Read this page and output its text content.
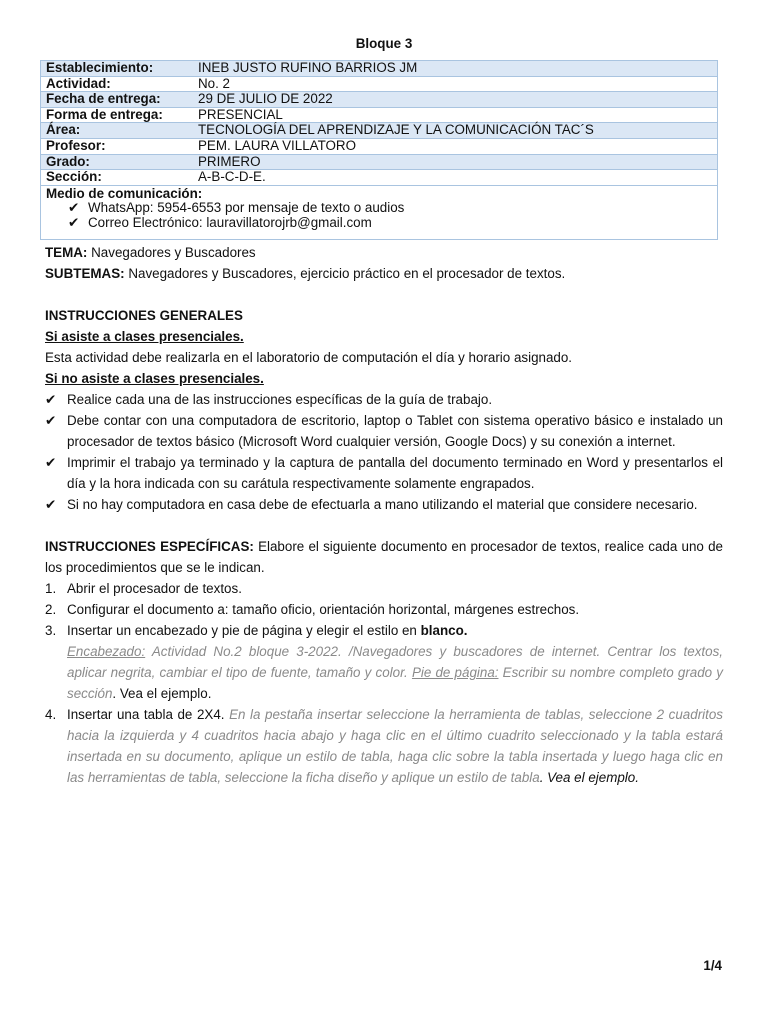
Bloque 3
Establecimiento:	INEB JUSTO RUFINO BARRIOS JM
Actividad:	No. 2
Fecha de entrega:	29 DE JULIO DE 2022
Forma de entrega:	PRESENCIAL
Área:	TECNOLOGÍA DEL APRENDIZAJE Y LA COMUNICACIÓN TAC´S
Profesor:	PEM. LAURA VILLATORO
Grado:	PRIMERO
Sección:	A-B-C-D-E.
Medio de comunicación:
✔ WhatsApp: 5954-6553 por mensaje de texto o audios
✔ Correo Electrónico: lauravillatorojrb@gmail.com

TEMA: Navegadores y Buscadores

SUBTEMAS: Navegadores y Buscadores, ejercicio práctico en el procesador de textos.

INSTRUCCIONES GENERALES

Si asiste a clases presenciales.

Esta actividad debe realizarla en el laboratorio de computación el día y horario asignado.

Si no asiste a clases presenciales.

✔ Realice cada una de las instrucciones específicas de la guía de trabajo.
✔ Debe contar con una computadora de escritorio, laptop o Tablet con sistema operativo básico e instalado un procesador de textos básico (Microsoft Word cualquier versión, Google Docs) y su conexión a internet.
✔ Imprimir el trabajo ya terminado y la captura de pantalla del documento terminado en Word y presentarlos el día y la hora indicada con su carátula respectivamente solamente engrapados.
✔ Si no hay computadora en casa debe de efectuarla a mano utilizando el material que considere necesario.

INSTRUCCIONES ESPECÍFICAS: Elabore el siguiente documento en procesador de textos, realice cada uno de los procedimientos que se le indican.

1. Abrir el procesador de textos.
2. Configurar el documento a: tamaño oficio, orientación horizontal, márgenes estrechos.
3. Insertar un encabezado y pie de página y elegir el estilo en blanco.
Encabezado: Actividad No.2 bloque 3-2022. /Navegadores y buscadores de internet. Centrar los textos, aplicar negrita, cambiar el tipo de fuente, tamaño y color. Pie de página: Escribir su nombre completo grado y sección. Vea el ejemplo.
4. Insertar una tabla de 2X4. En la pestaña insertar seleccione la herramienta de tablas, seleccione 2 cuadritos hacia la izquierda y 4 cuadritos hacia abajo y haga clic en el último cuadrito seleccionado y la tabla estará insertada en su documento, aplique un estilo de tabla, haga clic sobre la tabla insertada y luego haga clic en las herramientas de tabla, seleccione la ficha diseño y aplique un estilo de tabla. Vea el ejemplo.
1/4
